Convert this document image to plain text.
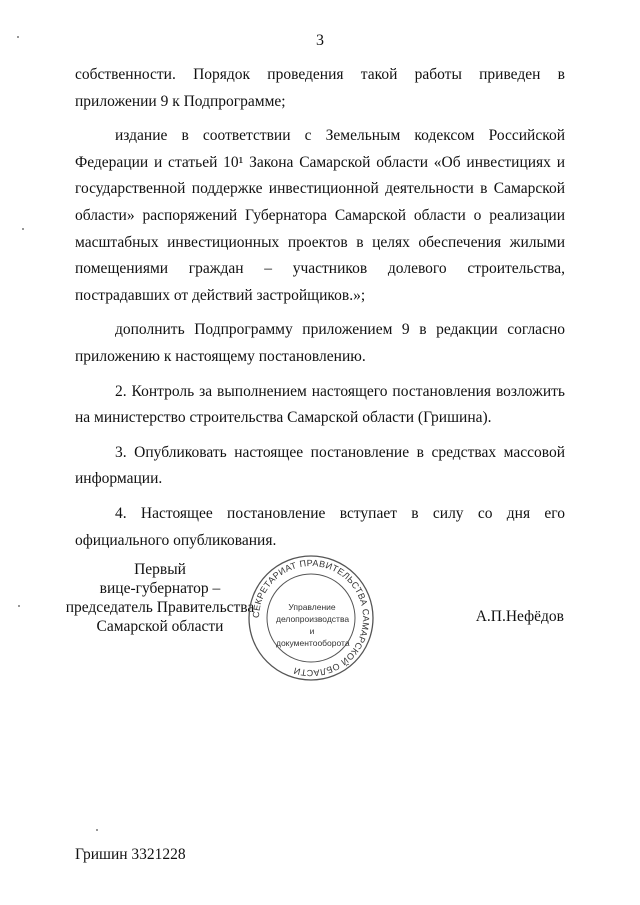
3

собственности. Порядок проведения такой работы приведен в приложении 9 к Подпрограмме;

издание в соответствии с Земельным кодексом Российской Федерации и статьей 10¹ Закона Самарской области «Об инвестициях и государственной поддержке инвестиционной деятельности в Самарской области» распоряжений Губернатора Самарской области о реализации масштабных инвестиционных проектов в целях обеспечения жилыми помещениями граждан – участников долевого строительства, пострадавших от действий застройщиков.»;

дополнить Подпрограмму приложением 9 в редакции согласно приложению к настоящему постановлению.

2. Контроль за выполнением настоящего постановления возложить на министерство строительства Самарской области (Гришина).

3. Опубликовать настоящее постановление в средствах массовой информации.

4. Настоящее постановление вступает в силу со дня его официального опубликования.

Первый
вице-губернатор –
председатель Правительства
Самарской области
СЕКРЕТАРИАТ ПРАВИТЕЛЬСТВА САМАРСКОЙ ОБЛАСТИ
Управление
делопроизводства
и документооборота
А.П.Нефёдов
Гришин 3321228
